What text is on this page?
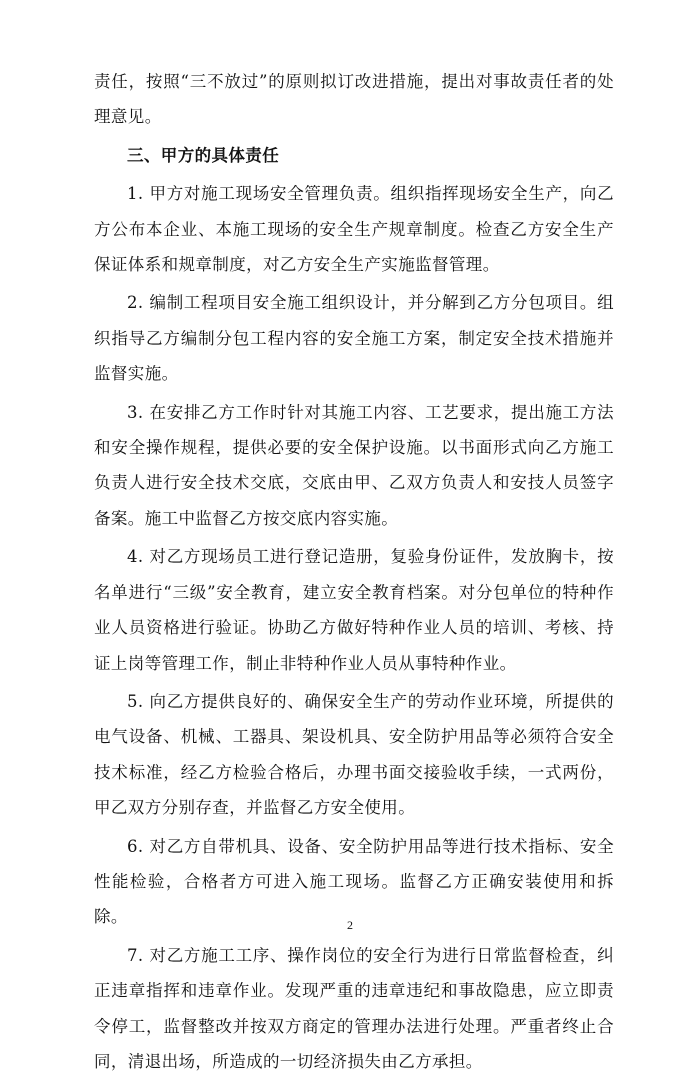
责任，按照“三不放过”的原则拟订改进措施，提出对事故责任者的处理意见。

三、甲方的具体责任

1. 甲方对施工现场安全管理负责。组织指挥现场安全生产，向乙方公布本企业、本施工现场的安全生产规章制度。检查乙方安全生产保证体系和规章制度，对乙方安全生产实施监督管理。

2. 编制工程项目安全施工组织设计，并分解到乙方分包项目。组织指导乙方编制分包工程内容的安全施工方案，制定安全技术措施并监督实施。

3. 在安排乙方工作时针对其施工内容、工艺要求，提出施工方法和安全操作规程，提供必要的安全保护设施。以书面形式向乙方施工负责人进行安全技术交底，交底由甲、乙双方负责人和安技人员签字备案。施工中监督乙方按交底内容实施。

4. 对乙方现场员工进行登记造册，复验身份证件，发放胸卡，按名单进行“三级”安全教育，建立安全教育档案。对分包单位的特种作业人员资格进行验证。协助乙方做好特种作业人员的培训、考核、持证上岗等管理工作，制止非特种作业人员从事特种作业。

5. 向乙方提供良好的、确保安全生产的劳动作业环境，所提供的电气设备、机械、工器具、架设机具、安全防护用品等必须符合安全技术标准，经乙方检验合格后，办理书面交接验收手续，一式两份，甲乙双方分别存查，并监督乙方安全使用。

6. 对乙方自带机具、设备、安全防护用品等进行技术指标、安全性能检验，合格者方可进入施工现场。监督乙方正确安装使用和拆除。

7. 对乙方施工工序、操作岗位的安全行为进行日常监督检查，纠正违章指挥和违章作业。发现严重的违章违纪和事故隐患，应立即责令停工，监督整改并按双方商定的管理办法进行处理。严重者终止合同，清退出场，所造成的一切经济损失由乙方承担。

2
